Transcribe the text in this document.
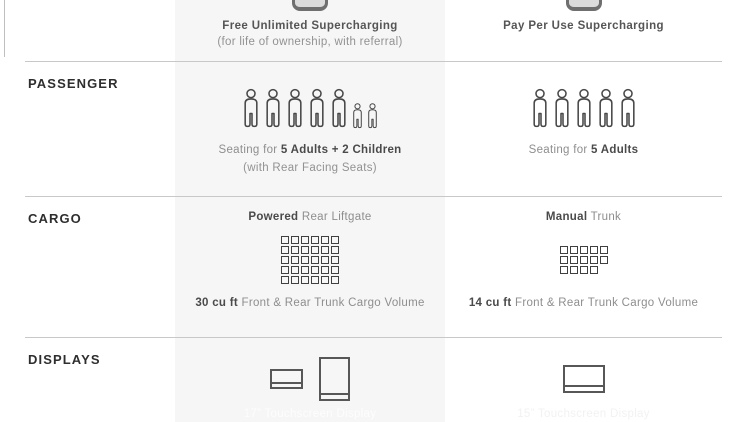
Free Unlimited Supercharging
(for life of ownership, with referral)
Pay Per Use Supercharging
PASSENGER
Seating for 5 Adults + 2 Children
(with Rear Facing Seats)
Seating for 5 Adults
CARGO	Powered Rear Liftgate
30 cu ft Front & Rear Trunk Cargo Volume
Manual Trunk
14 cu ft Front & Rear Trunk Cargo Volume
DISPLAYS
17” Touchscreen Display	15” Touchscreen Display
